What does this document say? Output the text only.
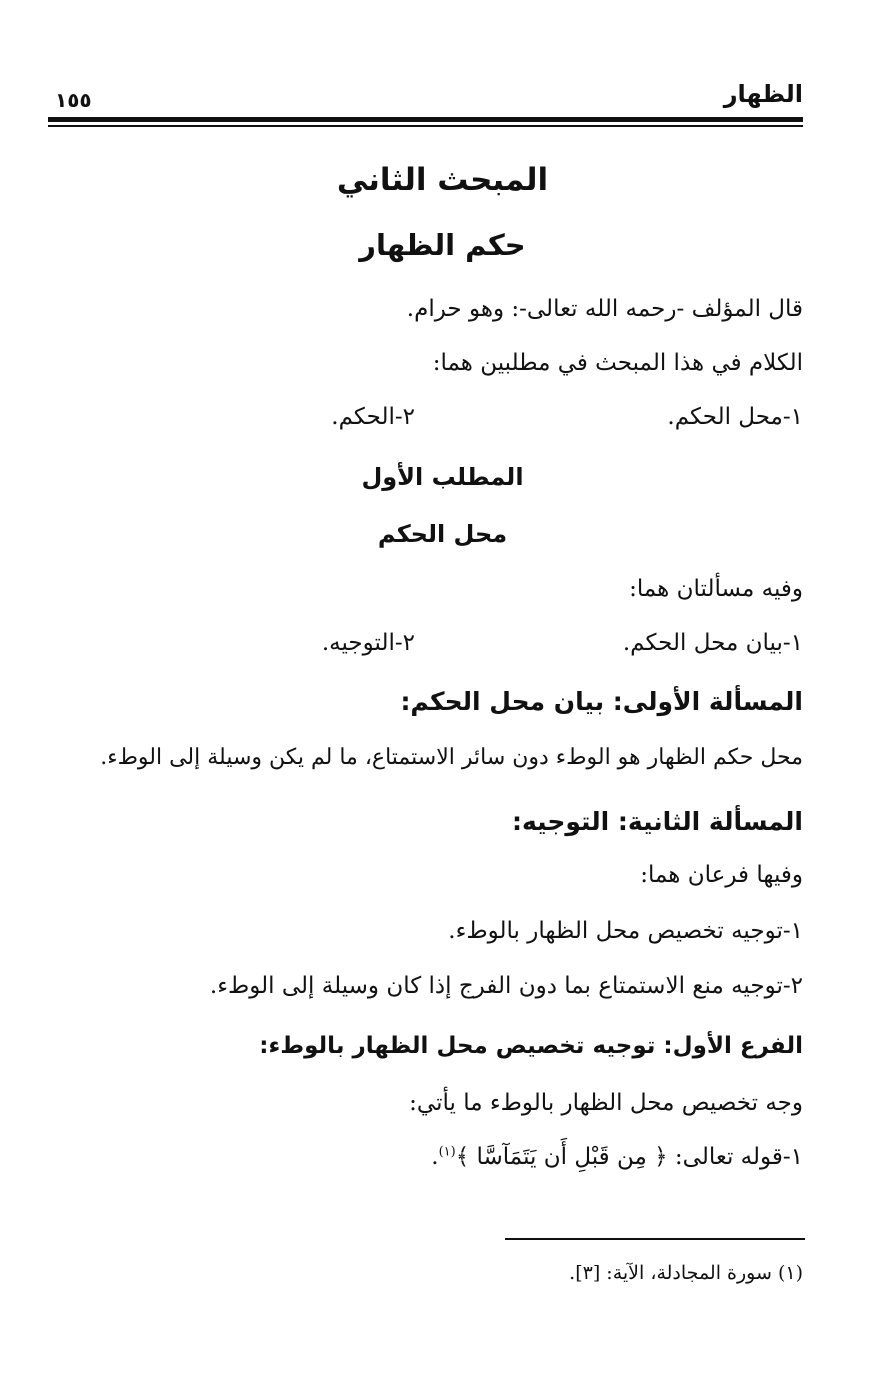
الظهار
١٥٥
المبحث الثاني
حكم الظهار
قال المؤلف -رحمه الله تعالى-: وهو حرام.
الكلام في هذا المبحث في مطلبين هما:
١-محل الحكم.
٢-الحكم.
المطلب الأول
محل الحكم
وفيه مسألتان هما:
١-بيان محل الحكم.
٢-التوجيه.
المسألة الأولى: بيان محل الحكم:
محل حكم الظهار هو الوطء دون سائر الاستمتاع، ما لم يكن وسيلة إلى الوطء.
المسألة الثانية: التوجيه:
وفيها فرعان هما:
١-توجيه تخصيص محل الظهار بالوطء.
٢-توجيه منع الاستمتاع بما دون الفرج إذا كان وسيلة إلى الوطء.
الفرع الأول: توجيه تخصيص محل الظهار بالوطء:
وجه تخصيص محل الظهار بالوطء ما يأتي:
١-قوله تعالى: ﴿ مِن قَبْلِ أَن يَتَمَآسَّا ﴾$^{(١)}$.
(١) سورة المجادلة، الآية: [٣].
